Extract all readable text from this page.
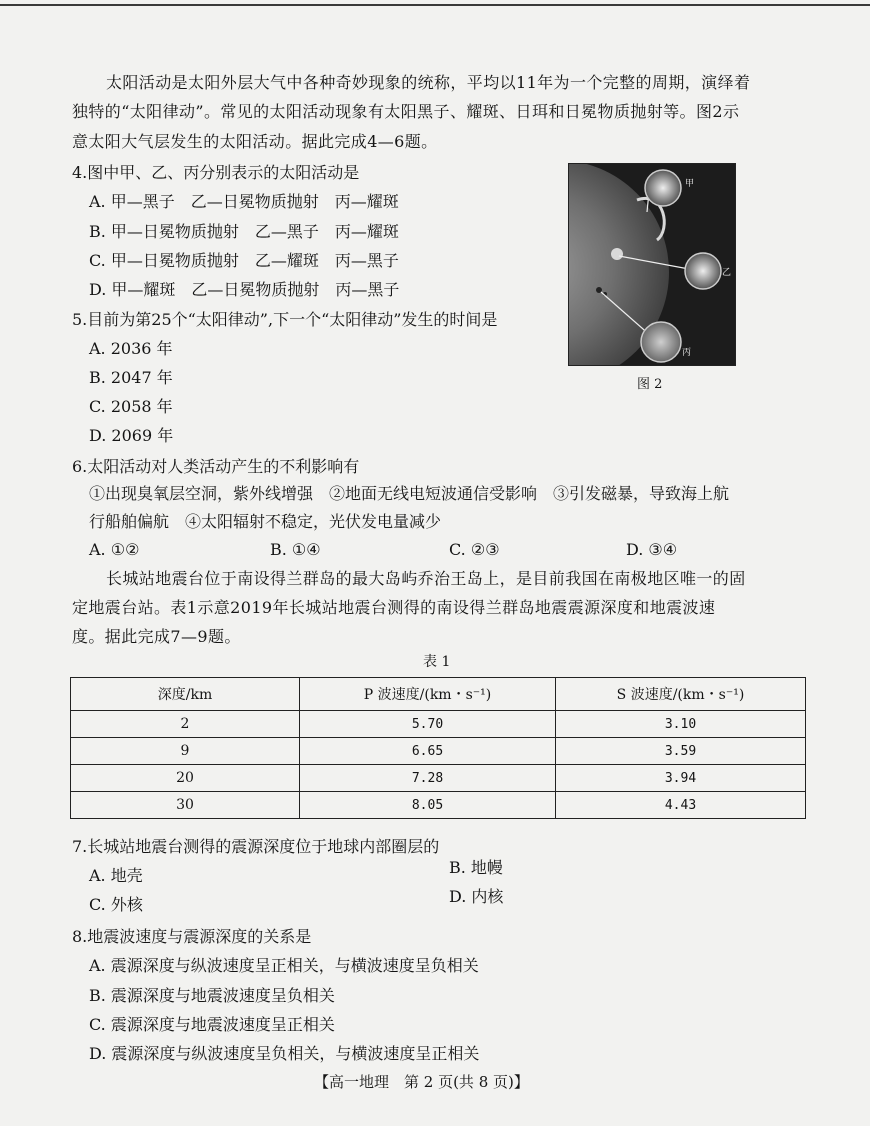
太阳活动是太阳外层大气中各种奇妙现象的统称，平均以11年为一个完整的周期，演绎着
独特的“太阳律动”。常见的太阳活动现象有太阳黑子、耀斑、日珥和日冕物质抛射等。图2示
意太阳大气层发生的太阳活动。据此完成4—6题。
4.图中甲、乙、丙分别表示的太阳活动是
A. 甲—黑子　乙—日冕物质抛射　丙—耀斑
B. 甲—日冕物质抛射　乙—黑子　丙—耀斑
C. 甲—日冕物质抛射　乙—耀斑　丙—黑子
D. 甲—耀斑　乙—日冕物质抛射　丙—黑子
甲
乙
丙
图 2
5.目前为第25个“太阳律动”,下一个“太阳律动”发生的时间是
A. 2036 年
B. 2047 年
C. 2058 年
D. 2069 年
6.太阳活动对人类活动产生的不利影响有
①出现臭氧层空洞，紫外线增强　②地面无线电短波通信受影响　③引发磁暴，导致海上航
行船舶偏航　④太阳辐射不稳定，光伏发电量减少
A. ①②	B. ①④	C. ②③	D. ③④
长城站地震台位于南设得兰群岛的最大岛屿乔治王岛上，是目前我国在南极地区唯一的固
定地震台站。表1示意2019年长城站地震台测得的南设得兰群岛地震震源深度和地震波速
度。据此完成7—9题。
表 1
深度/km	P 波速度/(km・s⁻¹)	S 波速度/(km・s⁻¹)
2	5.70	3.10
9	6.65	3.59
20	7.28	3.94
30	8.05	4.43
7.长城站地震台测得的震源深度位于地球内部圈层的
A. 地壳	B. 地幔
C. 外核	D. 内核
8.地震波速度与震源深度的关系是
A. 震源深度与纵波速度呈正相关，与横波速度呈负相关
B. 震源深度与地震波速度呈负相关
C. 震源深度与地震波速度呈正相关
D. 震源深度与纵波速度呈负相关，与横波速度呈正相关
【高一地理　第 2 页(共 8 页)】
